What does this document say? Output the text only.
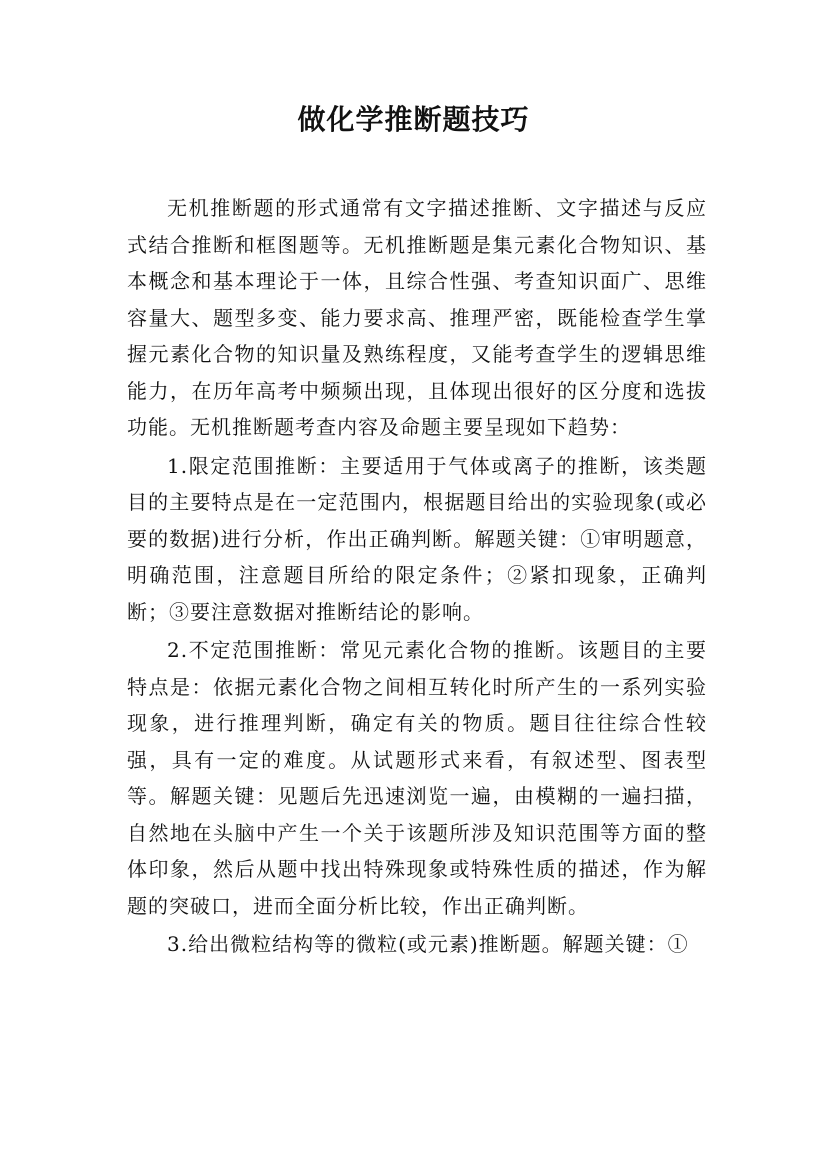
做化学推断题技巧

无机推断题的形式通常有文字描述推断、文字描述与反应式结合推断和框图题等。无机推断题是集元素化合物知识、基本概念和基本理论于一体，且综合性强、考查知识面广、思维容量大、题型多变、能力要求高、推理严密，既能检查学生掌握元素化合物的知识量及熟练程度，又能考查学生的逻辑思维能力，在历年高考中频频出现，且体现出很好的区分度和选拔功能。无机推断题考查内容及命题主要呈现如下趋势：

1.限定范围推断：主要适用于气体或离子的推断，该类题目的主要特点是在一定范围内，根据题目给出的实验现象(或必要的数据)进行分析，作出正确判断。解题关键：①审明题意，明确范围，注意题目所给的限定条件；②紧扣现象，正确判断；③要注意数据对推断结论的影响。

2.不定范围推断：常见元素化合物的推断。该题目的主要特点是：依据元素化合物之间相互转化时所产生的一系列实验现象，进行推理判断，确定有关的物质。题目往往综合性较强，具有一定的难度。从试题形式来看，有叙述型、图表型等。解题关键：见题后先迅速浏览一遍，由模糊的一遍扫描，自然地在头脑中产生一个关于该题所涉及知识范围等方面的整体印象，然后从题中找出特殊现象或特殊性质的描述，作为解题的突破口，进而全面分析比较，作出正确判断。

3.给出微粒结构等的微粒(或元素)推断题。解题关键：①
